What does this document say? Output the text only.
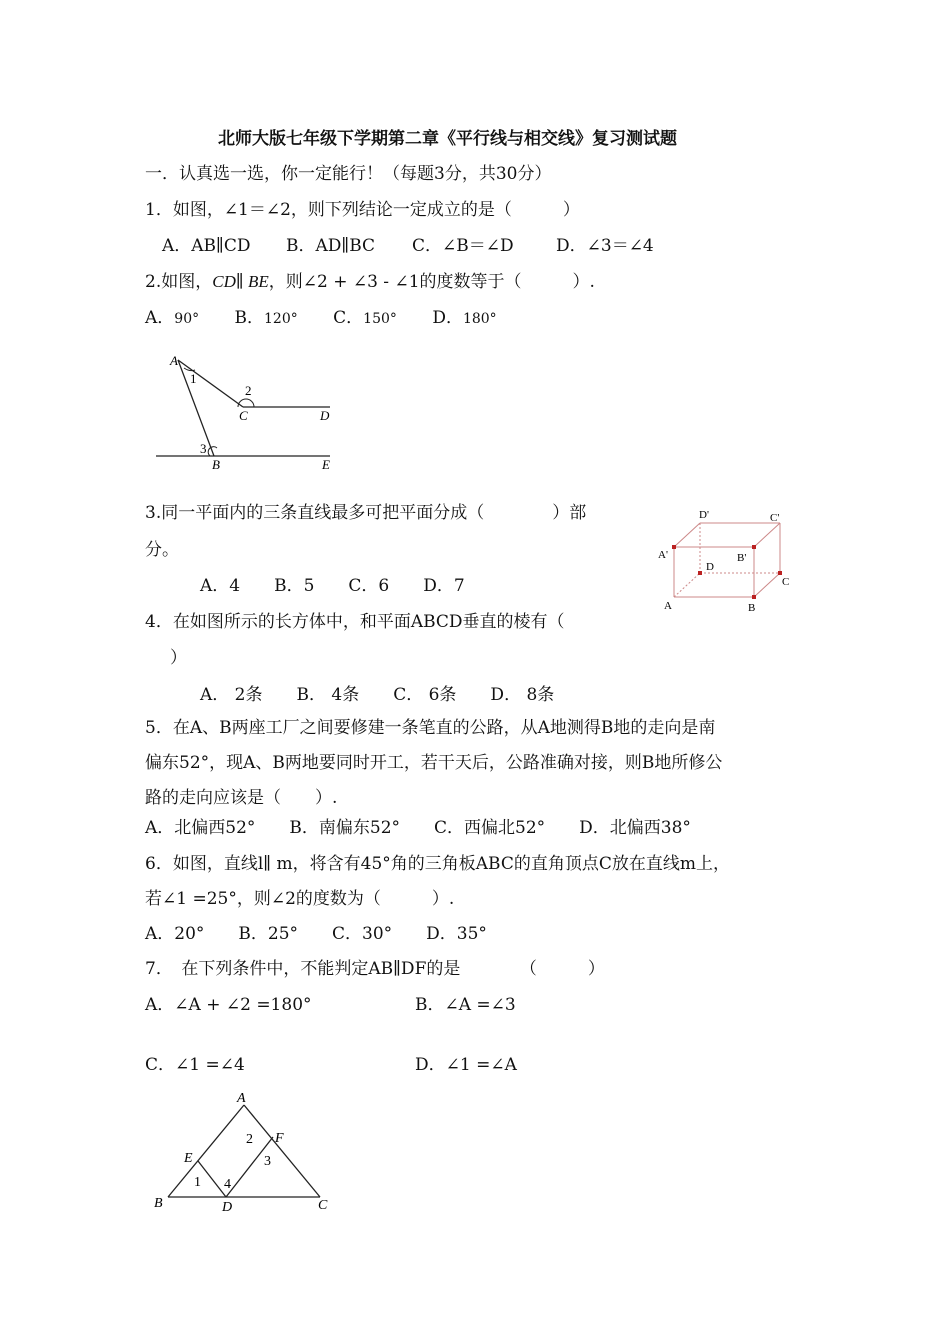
北师大版七年级下学期第二章《平行线与相交线》复习测试题
一．认真选一选，你一定能行！（每题3分，共30分）
1．如图，∠1＝∠2，则下列结论一定成立的是（　　　）
A．AB∥CD B．AD∥BC C．∠B＝∠D D．∠3＝∠4
2.如图，CD∥ BE，则∠2 + ∠3 - ∠1的度数等于（　　　）.
A．90° B．120° C．150° D．180°
A
1
2
C	D
3
B	E
3.同一平面内的三条直线最多可把平面分成（　　　　）部
分。
A．4　　B．5　　C．6　　D．7
D'	C'
A'	B'
D
C
A	B
4．在如图所示的长方体中，和平面ABCD垂直的棱有（
）
A． 2条　　B． 4条　　C． 6条　　D． 8条
5．在A、B两座工厂之间要修建一条笔直的公路，从A地测得B地的走向是南
偏东52°，现A、B两地要同时开工，若干天后，公路准确对接，则B地所修公
路的走向应该是（　　）.
A．北偏西52°　　B．南偏东52°　　C．西偏北52°　　D．北偏西38°
6．如图，直线l∥ m，将含有45°角的三角板ABC的直角顶点C放在直线m上，
若∠1 =25°，则∠2的度数为（　　　）.
A．20°　　B．25°　　C．30°　　D．35°
7．　在下列条件中，不能判定AB∥DF的是　　　　（　　　）
A．∠A + ∠2 =180°	B．∠A =∠3
C．∠1 =∠4	D．∠1 =∠A
A
2 F
3
E
1 4
B	D	C
